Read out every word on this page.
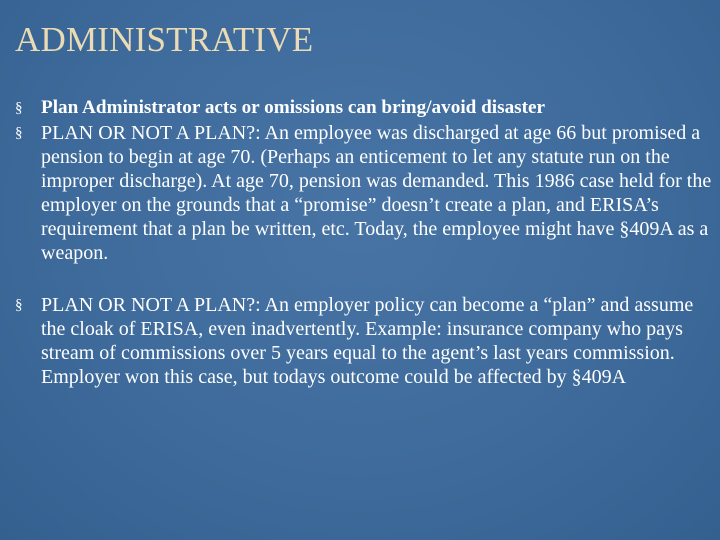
ADMINISTRATIVE
§ Plan Administrator acts or omissions can bring/avoid disaster
§ PLAN OR NOT A PLAN?: An employee was discharged at age 66 but promised a pension to begin at age 70. (Perhaps an enticement to let any statute run on the improper discharge). At age 70, pension was demanded. This 1986 case held for the employer on the grounds that a “promise” doesn’t create a plan, and ERISA’s requirement that a plan be written, etc. Today, the employee might have §409A as a weapon.
§ PLAN OR NOT A PLAN?: An employer policy can become a “plan” and assume the cloak of ERISA, even inadvertently. Example: insurance company who pays stream of commissions over 5 years equal to the agent’s last years commission. Employer won this case, but todays outcome could be affected by §409A
